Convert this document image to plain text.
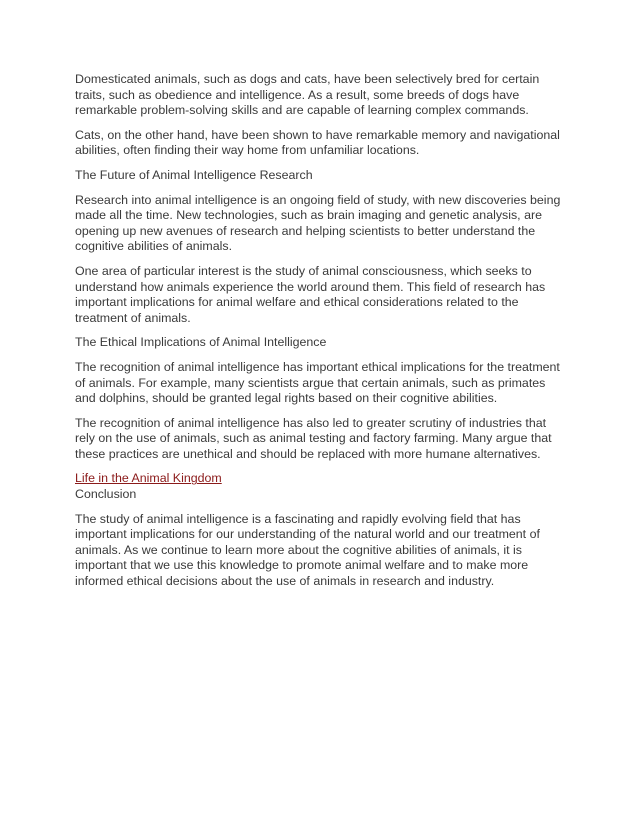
Domesticated animals, such as dogs and cats, have been selectively bred for certain traits, such as obedience and intelligence. As a result, some breeds of dogs have remarkable problem-solving skills and are capable of learning complex commands.

Cats, on the other hand, have been shown to have remarkable memory and navigational abilities, often finding their way home from unfamiliar locations.

The Future of Animal Intelligence Research

Research into animal intelligence is an ongoing field of study, with new discoveries being made all the time. New technologies, such as brain imaging and genetic analysis, are opening up new avenues of research and helping scientists to better understand the cognitive abilities of animals.

One area of particular interest is the study of animal consciousness, which seeks to understand how animals experience the world around them. This field of research has important implications for animal welfare and ethical considerations related to the treatment of animals.

The Ethical Implications of Animal Intelligence

The recognition of animal intelligence has important ethical implications for the treatment of animals. For example, many scientists argue that certain animals, such as primates and dolphins, should be granted legal rights based on their cognitive abilities.

The recognition of animal intelligence has also led to greater scrutiny of industries that rely on the use of animals, such as animal testing and factory farming. Many argue that these practices are unethical and should be replaced with more humane alternatives.

Life in the Animal Kingdom
Conclusion

The study of animal intelligence is a fascinating and rapidly evolving field that has important implications for our understanding of the natural world and our treatment of animals. As we continue to learn more about the cognitive abilities of animals, it is important that we use this knowledge to promote animal welfare and to make more informed ethical decisions about the use of animals in research and industry.
